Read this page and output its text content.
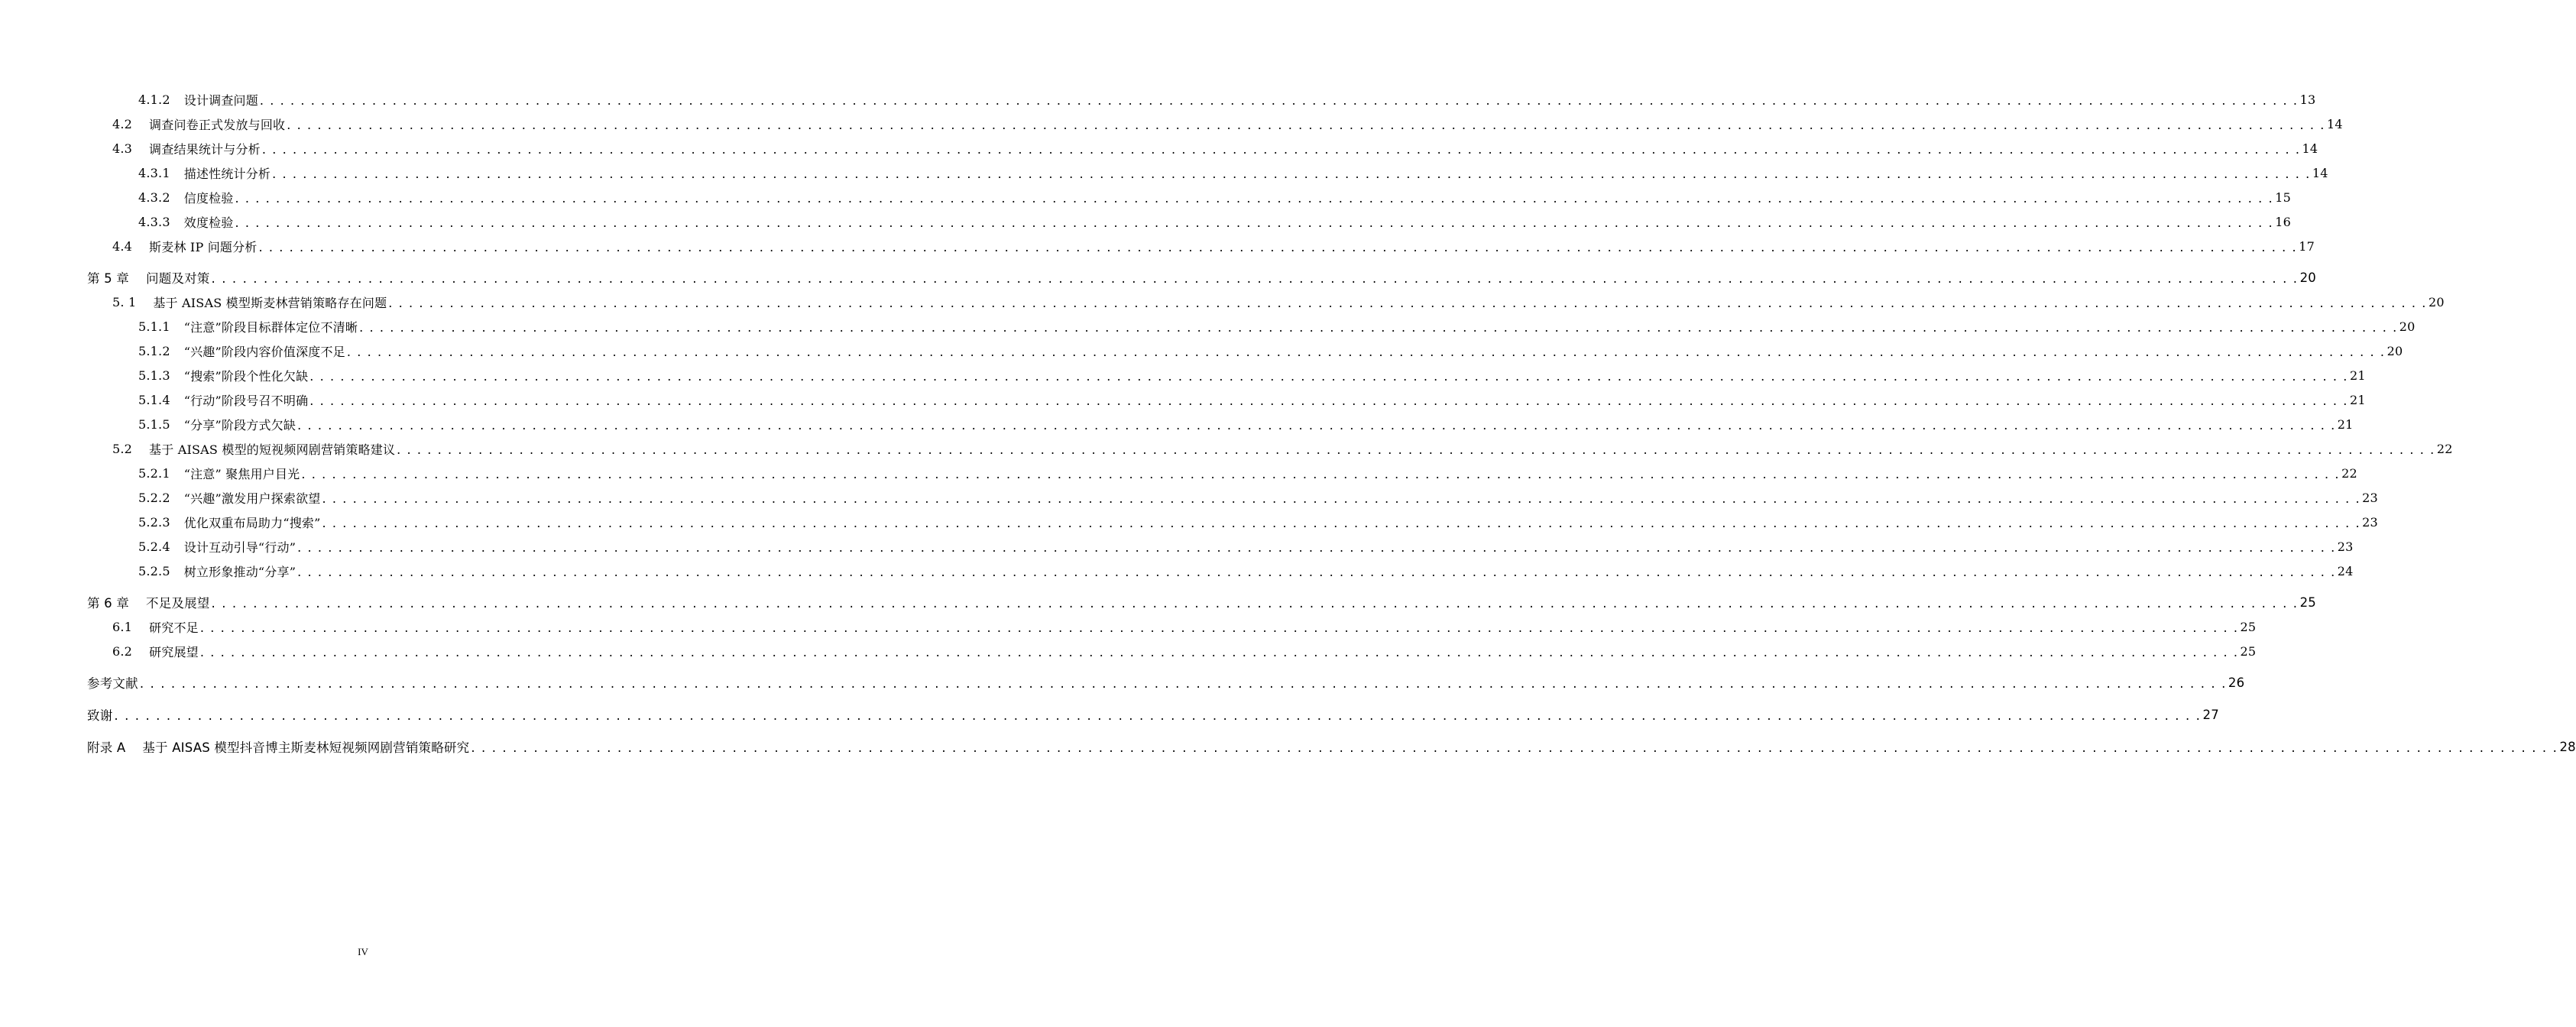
4.1.2 设计调查问题 . . . . . . . . . . . . . . . . . . . . . . . . . . . . . . . . . . . . . . . . . . . . . . . . . . . . . . . . . . . . . . . . . . . . . . . . . . . . . . . . . . . . . . . . . . . . . . . . . . . . . . . . . . . . . . . . . . . . . . . . . . . . . . . . . . . . . . . . . . . . . . . . . . . . . . . . . . . . . . . . . . . . . . . . . . . . . . . . . . . . . . . . . . . . . . . . . . . . . . . . 13
4.2 调查问卷正式发放与回收 . . . . . . . . . . . . . . . . . . . . . . . . . . . . . . . . . . . . . . . . . . . . . . . . . . . . . . . . . . . . . . . . . . . . . . . . . . . . . . . . . . . . . . . . . . . . . . . . . . . . . . . . . . . . . . . . . . . . . . . . . . . . . . . . . . . . . . . . . . . . . . . . . . . . . . . . . . . . . . . . . . . . . . . . . . . . . . . . . . . . . . . . . . . . . . . . . . . . . . . . 14
4.3 调查结果统计与分析 . . . . . . . . . . . . . . . . . . . . . . . . . . . . . . . . . . . . . . . . . . . . . . . . . . . . . . . . . . . . . . . . . . . . . . . . . . . . . . . . . . . . . . . . . . . . . . . . . . . . . . . . . . . . . . . . . . . . . . . . . . . . . . . . . . . . . . . . . . . . . . . . . . . . . . . . . . . . . . . . . . . . . . . . . . . . . . . . . . . . . . . . . . . . . . . . . . . . . . . . 14
4.3.1 描述性统计分析 . . . . . . . . . . . . . . . . . . . . . . . . . . . . . . . . . . . . . . . . . . . . . . . . . . . . . . . . . . . . . . . . . . . . . . . . . . . . . . . . . . . . . . . . . . . . . . . . . . . . . . . . . . . . . . . . . . . . . . . . . . . . . . . . . . . . . . . . . . . . . . . . . . . . . . . . . . . . . . . . . . . . . . . . . . . . . . . . . . . . . . . . . . . . . . . . . . . . . . . . 14
4.3.2 信度检验 . . . . . . . . . . . . . . . . . . . . . . . . . . . . . . . . . . . . . . . . . . . . . . . . . . . . . . . . . . . . . . . . . . . . . . . . . . . . . . . . . . . . . . . . . . . . . . . . . . . . . . . . . . . . . . . . . . . . . . . . . . . . . . . . . . . . . . . . . . . . . . . . . . . . . . . . . . . . . . . . . . . . . . . . . . . . . . . . . . . . . . . . . . . . . . . . . . . . . . . . 15
4.3.3 效度检验 . . . . . . . . . . . . . . . . . . . . . . . . . . . . . . . . . . . . . . . . . . . . . . . . . . . . . . . . . . . . . . . . . . . . . . . . . . . . . . . . . . . . . . . . . . . . . . . . . . . . . . . . . . . . . . . . . . . . . . . . . . . . . . . . . . . . . . . . . . . . . . . . . . . . . . . . . . . . . . . . . . . . . . . . . . . . . . . . . . . . . . . . . . . . . . . . . . . . . . . . 16
4.4 斯麦林 IP 问题分析 . . . . . . . . . . . . . . . . . . . . . . . . . . . . . . . . . . . . . . . . . . . . . . . . . . . . . . . . . . . . . . . . . . . . . . . . . . . . . . . . . . . . . . . . . . . . . . . . . . . . . . . . . . . . . . . . . . . . . . . . . . . . . . . . . . . . . . . . . . . . . . . . . . . . . . . . . . . . . . . . . . . . . . . . . . . . . . . . . . . . . . . . . . . . . . . . . . . . . . . . 17
第 5 章 问题及对策 . . . . . . . . . . . . . . . . . . . . . . . . . . . . . . . . . . . . . . . . . . . . . . . . . . . . . . . . . . . . . . . . . . . . . . . . . . . . . . . . . . . . . . . . . . . . . . . . . . . . . . . . . . . . . . . . . . . . . . . . . . . . . . . . . . . . . . . . . . . . . . . . . . . . . . . . . . . . . . . . . . . . . . . . . . . . . . . . . . . . . . . . . . . . . . . . . . . . . . . . 20
5. 1 基于 AISAS 模型斯麦林营销策略存在问题 . . . . . . . . . . . . . . . . . . . . . . . . . . . . . . . . . . . . . . . . . . . . . . . . . . . . . . . . . . . . . . . . . . . . . . . . . . . . . . . . . . . . . . . . . . . . . . . . . . . . . . . . . . . . . . . . . . . . . . . . . . . . . . . . . . . . . . . . . . . . . . . . . . . . . . . . . . . . . . . . . . . . . . . . . . . . . . . . . . . . . . . . . . . . . . . . . . . . . . . . 20
5.1.1 “注意”阶段目标群体定位不清晰 . . . . . . . . . . . . . . . . . . . . . . . . . . . . . . . . . . . . . . . . . . . . . . . . . . . . . . . . . . . . . . . . . . . . . . . . . . . . . . . . . . . . . . . . . . . . . . . . . . . . . . . . . . . . . . . . . . . . . . . . . . . . . . . . . . . . . . . . . . . . . . . . . . . . . . . . . . . . . . . . . . . . . . . . . . . . . . . . . . . . . . . . . . . . . . . . . . . . . . . . 20
5.1.2 “兴趣”阶段内容价值深度不足 . . . . . . . . . . . . . . . . . . . . . . . . . . . . . . . . . . . . . . . . . . . . . . . . . . . . . . . . . . . . . . . . . . . . . . . . . . . . . . . . . . . . . . . . . . . . . . . . . . . . . . . . . . . . . . . . . . . . . . . . . . . . . . . . . . . . . . . . . . . . . . . . . . . . . . . . . . . . . . . . . . . . . . . . . . . . . . . . . . . . . . . . . . . . . . . . . . . . . . . . 20
5.1.3 “搜索”阶段个性化欠缺 . . . . . . . . . . . . . . . . . . . . . . . . . . . . . . . . . . . . . . . . . . . . . . . . . . . . . . . . . . . . . . . . . . . . . . . . . . . . . . . . . . . . . . . . . . . . . . . . . . . . . . . . . . . . . . . . . . . . . . . . . . . . . . . . . . . . . . . . . . . . . . . . . . . . . . . . . . . . . . . . . . . . . . . . . . . . . . . . . . . . . . . . . . . . . . . . . . . . . . . . 21
5.1.4 “行动”阶段号召不明确 . . . . . . . . . . . . . . . . . . . . . . . . . . . . . . . . . . . . . . . . . . . . . . . . . . . . . . . . . . . . . . . . . . . . . . . . . . . . . . . . . . . . . . . . . . . . . . . . . . . . . . . . . . . . . . . . . . . . . . . . . . . . . . . . . . . . . . . . . . . . . . . . . . . . . . . . . . . . . . . . . . . . . . . . . . . . . . . . . . . . . . . . . . . . . . . . . . . . . . . . 21
5.1.5 “分享”阶段方式欠缺 . . . . . . . . . . . . . . . . . . . . . . . . . . . . . . . . . . . . . . . . . . . . . . . . . . . . . . . . . . . . . . . . . . . . . . . . . . . . . . . . . . . . . . . . . . . . . . . . . . . . . . . . . . . . . . . . . . . . . . . . . . . . . . . . . . . . . . . . . . . . . . . . . . . . . . . . . . . . . . . . . . . . . . . . . . . . . . . . . . . . . . . . . . . . . . . . . . . . . . . . 21
5.2 基于 AISAS 模型的短视频网剧营销策略建议 . . . . . . . . . . . . . . . . . . . . . . . . . . . . . . . . . . . . . . . . . . . . . . . . . . . . . . . . . . . . . . . . . . . . . . . . . . . . . . . . . . . . . . . . . . . . . . . . . . . . . . . . . . . . . . . . . . . . . . . . . . . . . . . . . . . . . . . . . . . . . . . . . . . . . . . . . . . . . . . . . . . . . . . . . . . . . . . . . . . . . . . . . . . . . . . . . . . . . . . . 22
5.2.1 “注意” 聚焦用户目光 . . . . . . . . . . . . . . . . . . . . . . . . . . . . . . . . . . . . . . . . . . . . . . . . . . . . . . . . . . . . . . . . . . . . . . . . . . . . . . . . . . . . . . . . . . . . . . . . . . . . . . . . . . . . . . . . . . . . . . . . . . . . . . . . . . . . . . . . . . . . . . . . . . . . . . . . . . . . . . . . . . . . . . . . . . . . . . . . . . . . . . . . . . . . . . . . . . . . . . . . 22
5.2.2 “兴趣”激发用户探索欲望 . . . . . . . . . . . . . . . . . . . . . . . . . . . . . . . . . . . . . . . . . . . . . . . . . . . . . . . . . . . . . . . . . . . . . . . . . . . . . . . . . . . . . . . . . . . . . . . . . . . . . . . . . . . . . . . . . . . . . . . . . . . . . . . . . . . . . . . . . . . . . . . . . . . . . . . . . . . . . . . . . . . . . . . . . . . . . . . . . . . . . . . . . . . . . . . . . . . . . . . . 23
5.2.3 优化双重布局助力“搜索” . . . . . . . . . . . . . . . . . . . . . . . . . . . . . . . . . . . . . . . . . . . . . . . . . . . . . . . . . . . . . . . . . . . . . . . . . . . . . . . . . . . . . . . . . . . . . . . . . . . . . . . . . . . . . . . . . . . . . . . . . . . . . . . . . . . . . . . . . . . . . . . . . . . . . . . . . . . . . . . . . . . . . . . . . . . . . . . . . . . . . . . . . . . . . . . . . . . . . . . . 23
5.2.4 设计互动引导“行动” . . . . . . . . . . . . . . . . . . . . . . . . . . . . . . . . . . . . . . . . . . . . . . . . . . . . . . . . . . . . . . . . . . . . . . . . . . . . . . . . . . . . . . . . . . . . . . . . . . . . . . . . . . . . . . . . . . . . . . . . . . . . . . . . . . . . . . . . . . . . . . . . . . . . . . . . . . . . . . . . . . . . . . . . . . . . . . . . . . . . . . . . . . . . . . . . . . . . . . . . 23
5.2.5 树立形象推动“分享” . . . . . . . . . . . . . . . . . . . . . . . . . . . . . . . . . . . . . . . . . . . . . . . . . . . . . . . . . . . . . . . . . . . . . . . . . . . . . . . . . . . . . . . . . . . . . . . . . . . . . . . . . . . . . . . . . . . . . . . . . . . . . . . . . . . . . . . . . . . . . . . . . . . . . . . . . . . . . . . . . . . . . . . . . . . . . . . . . . . . . . . . . . . . . . . . . . . . . . . . 24
第 6 章 不足及展望 . . . . . . . . . . . . . . . . . . . . . . . . . . . . . . . . . . . . . . . . . . . . . . . . . . . . . . . . . . . . . . . . . . . . . . . . . . . . . . . . . . . . . . . . . . . . . . . . . . . . . . . . . . . . . . . . . . . . . . . . . . . . . . . . . . . . . . . . . . . . . . . . . . . . . . . . . . . . . . . . . . . . . . . . . . . . . . . . . . . . . . . . . . . . . . . . . . . . . . . . 25
6.1 研究不足 . . . . . . . . . . . . . . . . . . . . . . . . . . . . . . . . . . . . . . . . . . . . . . . . . . . . . . . . . . . . . . . . . . . . . . . . . . . . . . . . . . . . . . . . . . . . . . . . . . . . . . . . . . . . . . . . . . . . . . . . . . . . . . . . . . . . . . . . . . . . . . . . . . . . . . . . . . . . . . . . . . . . . . . . . . . . . . . . . . . . . . . . . . . . . . . . . . . . . . . . 25
6.2 研究展望 . . . . . . . . . . . . . . . . . . . . . . . . . . . . . . . . . . . . . . . . . . . . . . . . . . . . . . . . . . . . . . . . . . . . . . . . . . . . . . . . . . . . . . . . . . . . . . . . . . . . . . . . . . . . . . . . . . . . . . . . . . . . . . . . . . . . . . . . . . . . . . . . . . . . . . . . . . . . . . . . . . . . . . . . . . . . . . . . . . . . . . . . . . . . . . . . . . . . . . . . 25
参考文献 . . . . . . . . . . . . . . . . . . . . . . . . . . . . . . . . . . . . . . . . . . . . . . . . . . . . . . . . . . . . . . . . . . . . . . . . . . . . . . . . . . . . . . . . . . . . . . . . . . . . . . . . . . . . . . . . . . . . . . . . . . . . . . . . . . . . . . . . . . . . . . . . . . . . . . . . . . . . . . . . . . . . . . . . . . . . . . . . . . . . . . . . . . . . . . . . . . . . . . . . 26
致谢 . . . . . . . . . . . . . . . . . . . . . . . . . . . . . . . . . . . . . . . . . . . . . . . . . . . . . . . . . . . . . . . . . . . . . . . . . . . . . . . . . . . . . . . . . . . . . . . . . . . . . . . . . . . . . . . . . . . . . . . . . . . . . . . . . . . . . . . . . . . . . . . . . . . . . . . . . . . . . . . . . . . . . . . . . . . . . . . . . . . . . . . . . . . . . . . . . . . . . . . . 27
附录 A 基于 AISAS 模型抖音博主斯麦林短视频网剧营销策略研究 . . . . . . . . . . . . . . . . . . . . . . . . . . . . . . . . . . . . . . . . . . . . . . . . . . . . . . . . . . . . . . . . . . . . . . . . . . . . . . . . . . . . . . . . . . . . . . . . . . . . . . . . . . . . . . . . . . . . . . . . . . . . . . . . . . . . . . . . . . . . . . . . . . . . . . . . . . . . . . . . . . . . . . . . . . . . . . . . . . . . . . . . . . . . . . . . . . . . . . . . 28
IV
